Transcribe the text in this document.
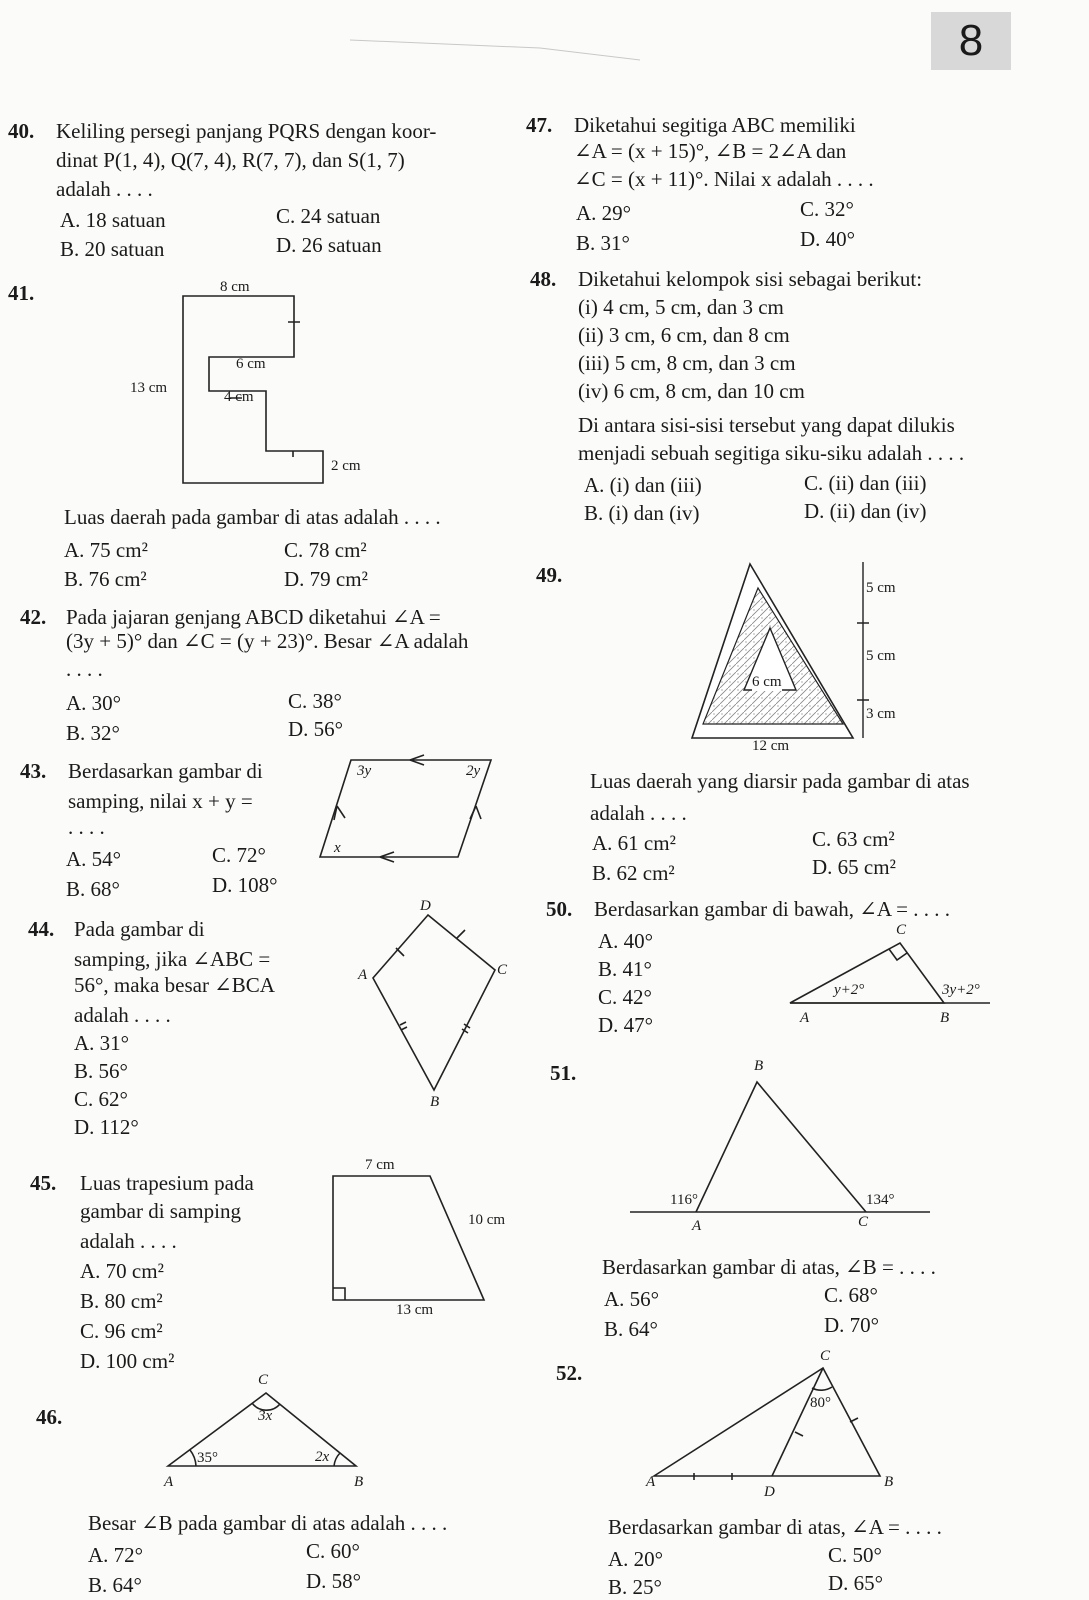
8
40. Keliling persegi panjang PQRS dengan koor-
dinat P(1, 4), Q(7, 4), R(7, 7), dan S(1, 7)
adalah . . . .
A. 18 satuan
B. 20 satuan
C. 24 satuan
D. 26 satuan
41.	8 cm
13 cm
6 cm
4 cm
2 cm
Luas daerah pada gambar di atas adalah . . . .
A. 75 cm²
B. 76 cm²
C. 78 cm²
D. 79 cm²
42. Pada jajaran genjang ABCD diketahui ∠A =
(3y + 5)° dan ∠C = (y + 23)°. Besar ∠A adalah
. . . .
A. 30°
B. 32°
C. 38°
D. 56°
43. Berdasarkan gambar di
samping, nilai x + y =
. . . .
A. 54°
B. 68°
C. 72°
D. 108°
3y	2y
x
44. Pada gambar di
samping, jika ∠ABC =
56°, maka besar ∠BCA
adalah . . . .
A. 31°
B. 56°
C. 62°
D. 112°
D
A	C
B
45. Luas trapesium pada
gambar di samping
adalah . . . .
A. 70 cm²
B. 80 cm²
C. 96 cm²
D. 100 cm²
7 cm
10 cm
13 cm
46.
C
3x
35°	2x
A	B
Besar ∠B pada gambar di atas adalah . . . .
A. 72°
B. 64°
C. 60°
D. 58°
47. Diketahui segitiga ABC memiliki
∠A = (x + 15)°, ∠B = 2∠A dan
∠C = (x + 11)°. Nilai x adalah . . . .
A. 29°
B. 31°
C. 32°
D. 40°
48. Diketahui kelompok sisi sebagai berikut:
(i) 4 cm, 5 cm, dan 3 cm
(ii) 3 cm, 6 cm, dan 8 cm
(iii) 5 cm, 8 cm, dan 3 cm
(iv) 6 cm, 8 cm, dan 10 cm
Di antara sisi-sisi tersebut yang dapat dilukis
menjadi sebuah segitiga siku-siku adalah . . . .
A. (i) dan (iii)
B. (i) dan (iv)
C. (ii) dan (iii)
D. (ii) dan (iv)
49.
5 cm
5 cm
3 cm
6 cm
12 cm
Luas daerah yang diarsir pada gambar di atas
adalah . . . .
A. 61 cm²
B. 62 cm²
C. 63 cm²
D. 65 cm²
50. Berdasarkan gambar di bawah, ∠A = . . . .
A. 40°
B. 41°
C. 42°
D. 47°
C
y+2°	3y+2°
A	B
51.	B
116°	134°
A	C
Berdasarkan gambar di atas, ∠B = . . . .
A. 56°
B. 64°
C. 68°
D. 70°
52.
C
80°
A	B
D
Berdasarkan gambar di atas, ∠A = . . . .
A. 20°
B. 25°
C. 50°
D. 65°
